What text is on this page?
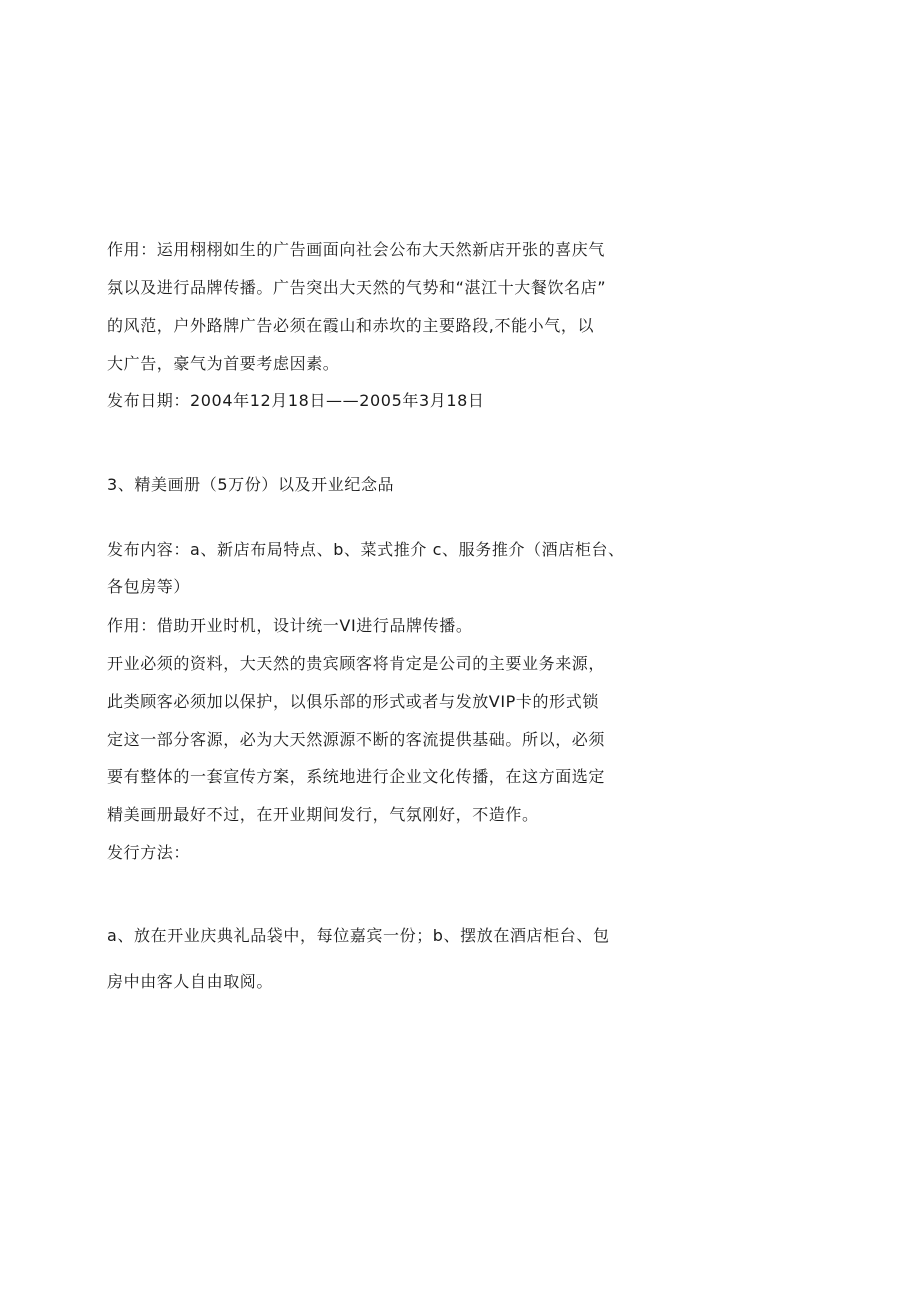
作用：运用栩栩如生的广告画面向社会公布大天然新店开张的喜庆气
氛以及进行品牌传播。广告突出大天然的气势和“湛江十大餐饮名店”
的风范，户外路牌广告必须在霞山和赤坎的主要路段,不能小气，以
大广告，豪气为首要考虑因素。
发布日期：2004年12月18日——2005年3月18日
3、精美画册（5万份）以及开业纪念品
发布内容：a、新店布局特点、b、菜式推介 c、服务推介（酒店柜台、
各包房等）
作用：借助开业时机，设计统一VI进行品牌传播。
开业必须的资料，大天然的贵宾顾客将肯定是公司的主要业务来源，
此类顾客必须加以保护，以俱乐部的形式或者与发放VIP卡的形式锁
定这一部分客源，必为大天然源源不断的客流提供基础。所以，必须
要有整体的一套宣传方案，系统地进行企业文化传播，在这方面选定
精美画册最好不过，在开业期间发行，气氛刚好，不造作。
发行方法：
a、放在开业庆典礼品袋中，每位嘉宾一份；b、摆放在酒店柜台、包
房中由客人自由取阅。
